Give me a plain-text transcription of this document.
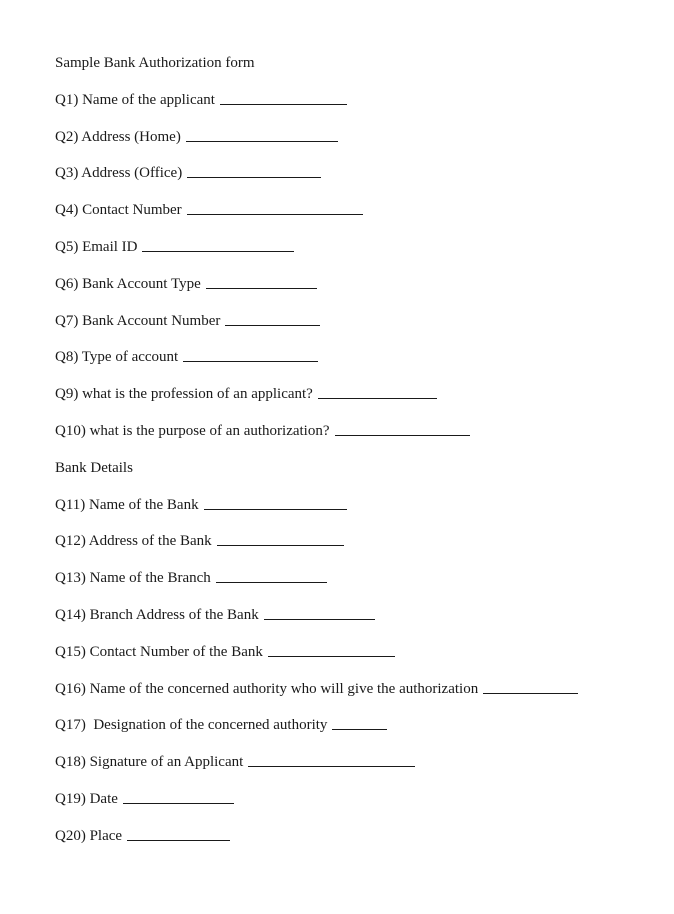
Sample Bank Authorization form
Q1) Name of the applicant
Q2) Address (Home)
Q3) Address (Office)
Q4) Contact Number
Q5) Email ID
Q6) Bank Account Type
Q7) Bank Account Number
Q8) Type of account
Q9) what is the profession of an applicant?
Q10) what is the purpose of an authorization?
Bank Details
Q11) Name of the Bank
Q12) Address of the Bank
Q13) Name of the Branch
Q14) Branch Address of the Bank
Q15) Contact Number of the Bank
Q16) Name of the concerned authority who will give the authorization
Q17)  Designation of the concerned authority
Q18) Signature of an Applicant
Q19) Date
Q20) Place
